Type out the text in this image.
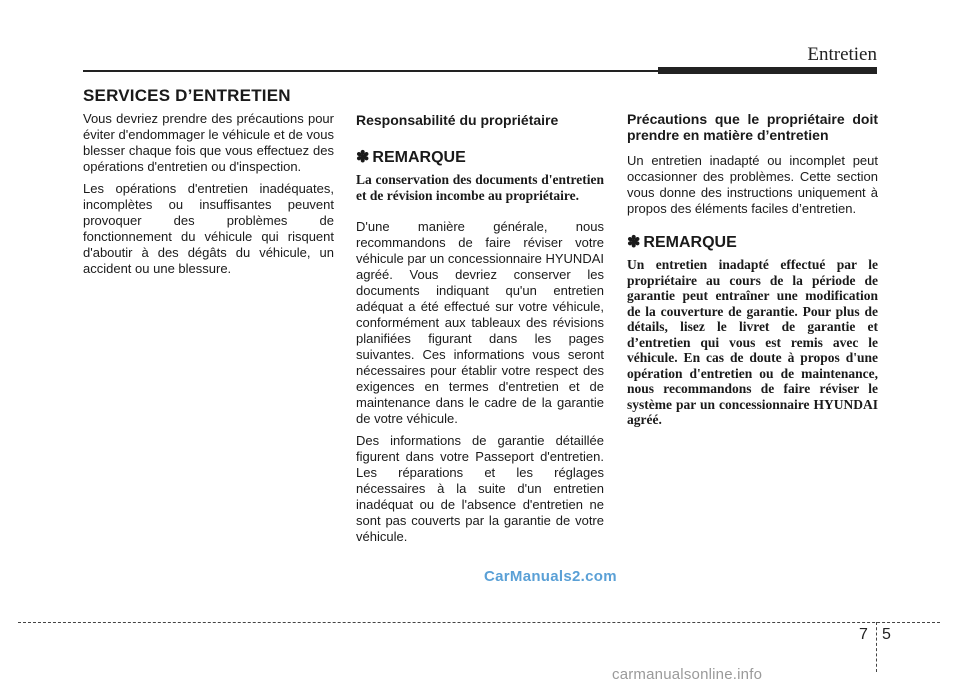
Entretien
SERVICES D’ENTRETIEN

Vous devriez prendre des précautions pour éviter d'endommager le véhicule et de vous blesser chaque fois que vous effectuez des opérations d'entretien ou d'inspection.

Les opérations d'entretien inadéquates, incomplètes ou insuffisantes peuvent provoquer des problèmes de fonctionnement du véhicule qui risquent d'aboutir à des dégâts du véhicule, un accident ou une blessure.

Responsabilité du propriétaire
✽ REMARQUE
La conservation des documents d'entretien et de révision incombe au propriétaire.

D'une manière générale, nous recommandons de faire réviser votre véhicule par un concessionnaire HYUNDAI agréé. Vous devriez conserver les documents indiquant qu'un entretien adéquat a été effectué sur votre véhicule, conformément aux tableaux des révisions planifiées figurant dans les pages suivantes. Ces informations vous seront nécessaires pour établir votre respect des exigences en termes d'entretien et de maintenance dans le cadre de la garantie de votre véhicule.

Des informations de garantie détaillée figurent dans votre Passeport d'entretien. Les réparations et les réglages nécessaires à la suite d'un entretien inadéquat ou de l'absence d'entretien ne sont pas couverts par la garantie de votre véhicule.

Précautions que le propriétaire doit prendre en matière d’entretien

Un entretien inadapté ou incomplet peut occasionner des problèmes. Cette section vous donne des instructions uniquement à propos des éléments faciles d’entretien.

✽ REMARQUE
Un entretien inadapté effectué par le propriétaire au cours de la période de garantie peut entraîner une modification de la couverture de garantie. Pour plus de détails, lisez le livret de garantie et d’entretien qui vous est remis avec le véhicule. En cas de doute à propos d'une opération d'entretien ou de maintenance, nous recommandons de faire réviser le système par un concessionnaire HYUNDAI agréé.
CarManuals2.com
7 5
carmanualsonline.info
